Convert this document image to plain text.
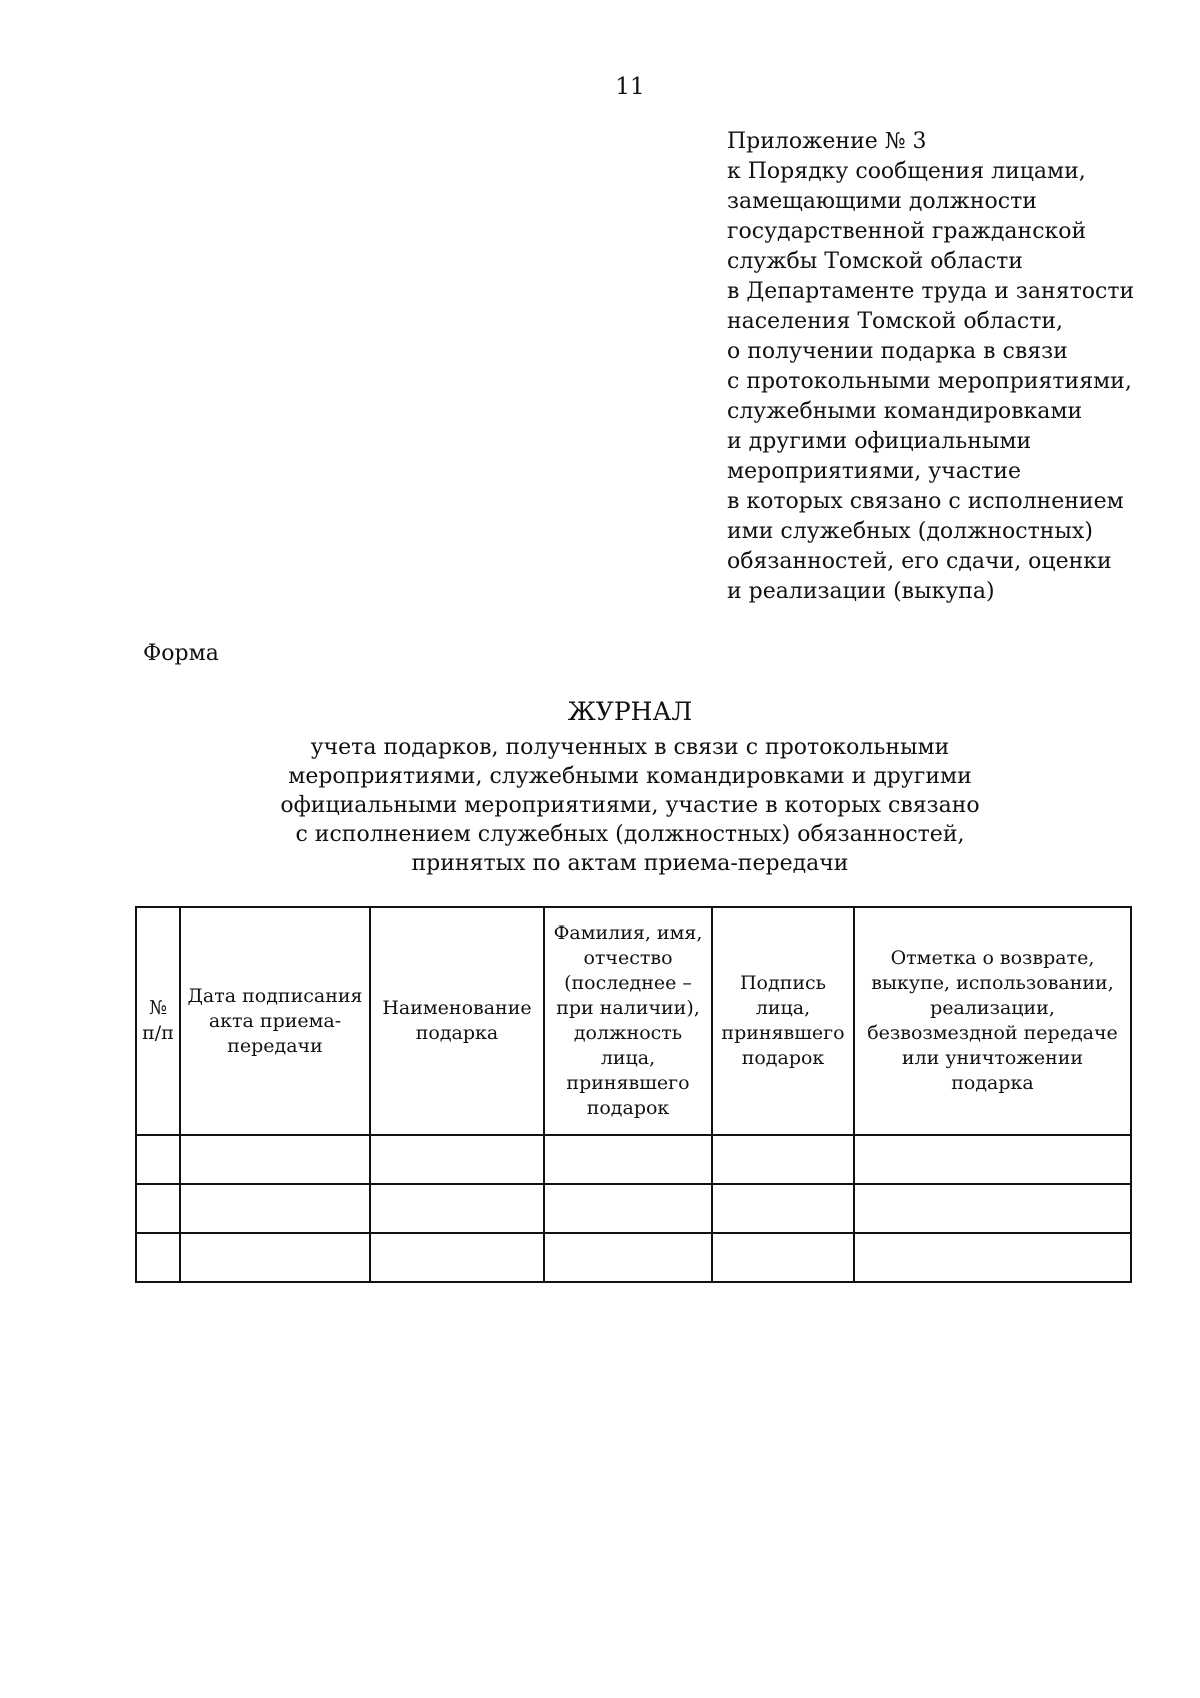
11
Приложение № 3
к Порядку сообщения лицами,
замещающими должности
государственной гражданской
службы Томской области
в Департаменте труда и занятости
населения Томской области,
о получении подарка в связи
с протокольными мероприятиями,
служебными командировками
и другими официальными
мероприятиями, участие
в которых связано с исполнением
ими служебных (должностных)
обязанностей, его сдачи, оценки
и реализации (выкупа)
Форма
ЖУРНАЛ
учета подарков, полученных в связи с протокольными
мероприятиями, служебными командировками и другими
официальными мероприятиями, участие в которых связано
с исполнением служебных (должностных) обязанностей,
принятых по актам приема-передачи
№ п/п	Дата подписания акта приема-передачи	Наименование подарка	Фамилия, имя, отчество (последнее – при наличии), должность лица, принявшего подарок	Подпись лица, принявшего подарок	Отметка о возврате, выкупе, использовании, реализации, безвозмездной передаче или уничтожении подарка
